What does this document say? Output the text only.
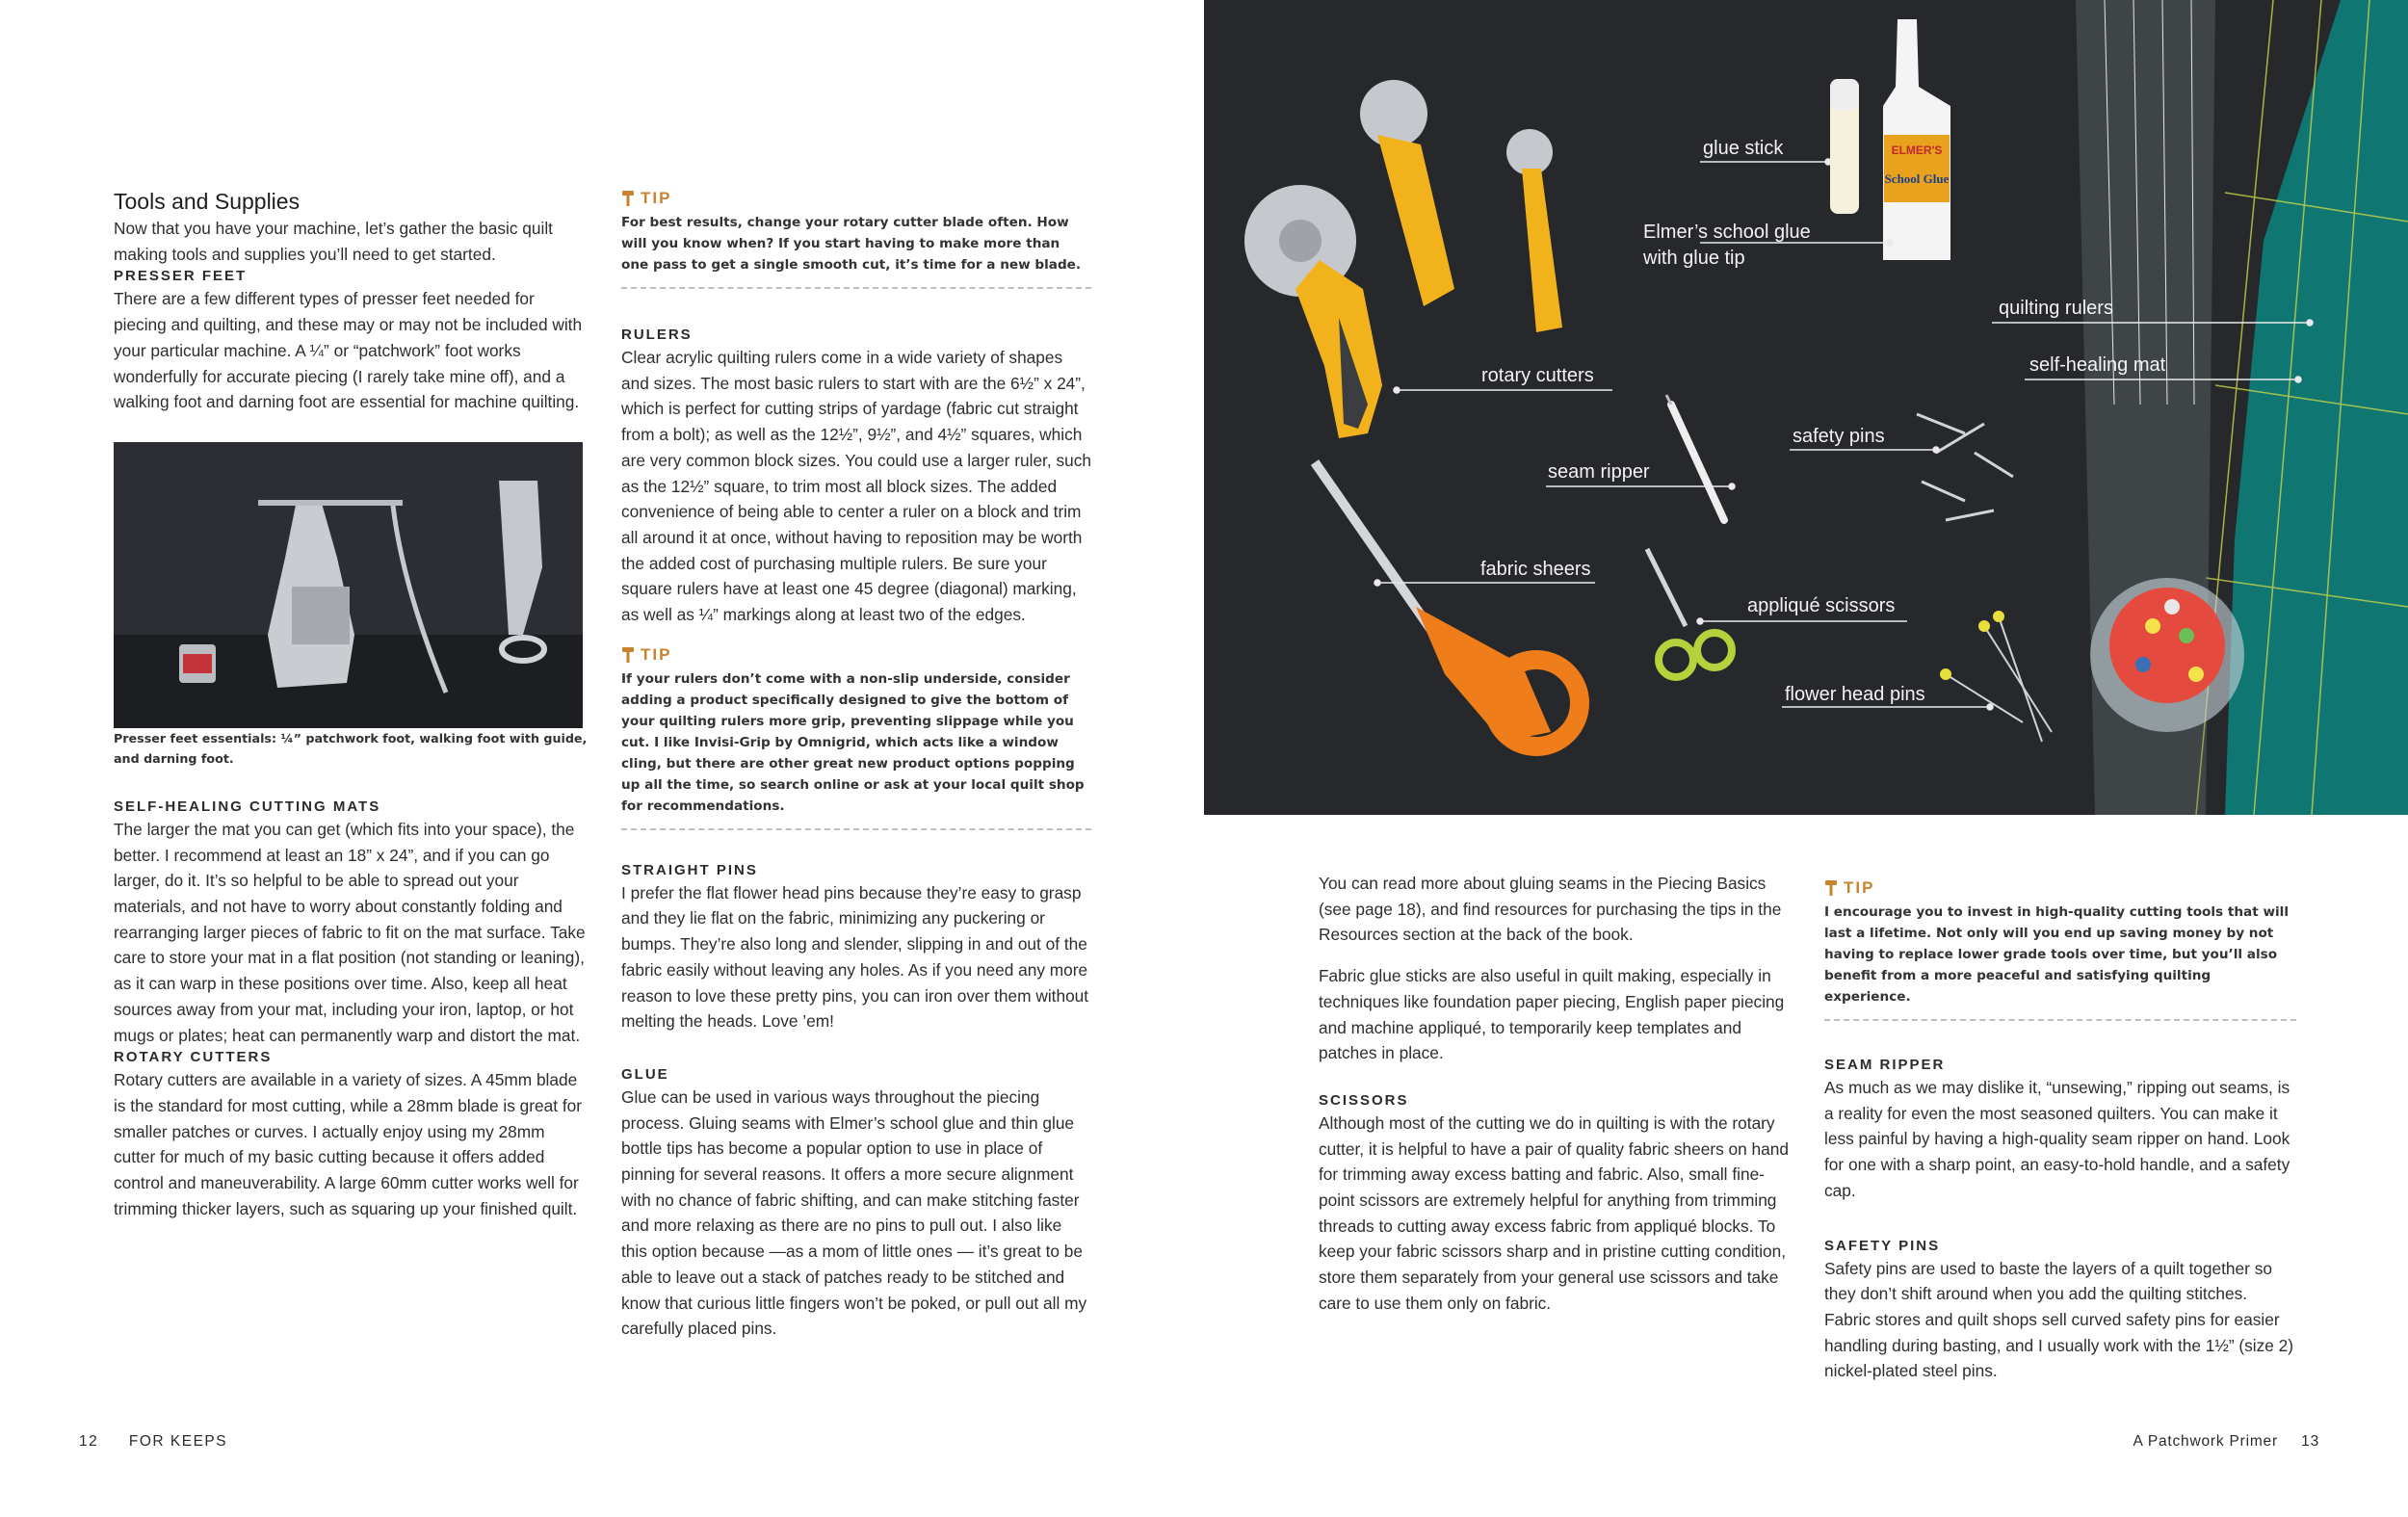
Tools and Supplies

Now that you have your machine, let’s gather the basic quilt making tools and supplies you’ll need to get started.

PRESSER FEET

There are a few different types of presser feet needed for piecing and quilting, and these may or may not be included with your particular machine. A ¼” or “patchwork” foot works wonderfully for accurate piecing (I rarely take mine off), and a walking foot and darning foot are essential for machine quilting.

Presser feet essentials: ¼” patchwork foot, walking foot with guide, and darning foot.

SELF-HEALING CUTTING MATS

The larger the mat you can get (which fits into your space), the better. I recommend at least an 18” x 24”, and if you can go larger, do it. It’s so helpful to be able to spread out your materials, and not have to worry about constantly folding and rearranging larger pieces of fabric to fit on the mat surface. Take care to store your mat in a flat position (not standing or leaning), as it can warp in these positions over time. Also, keep all heat sources away from your mat, including your iron, laptop, or hot mugs or plates; heat can permanently warp and distort the mat.

ROTARY CUTTERS

Rotary cutters are available in a variety of sizes. A 45mm blade is the standard for most cutting, while a 28mm blade is great for smaller patches or curves. I actually enjoy using my 28mm cutter for much of my basic cutting because it offers added control and maneuverability. A large 60mm cutter works well for trimming thicker layers, such as squaring up your finished quilt.

TIP

For best results, change your rotary cutter blade often. How will you know when? If you start having to make more than one pass to get a single smooth cut, it’s time for a new blade.

RULERS

Clear acrylic quilting rulers come in a wide variety of shapes and sizes. The most basic rulers to start with are the 6½” x 24”, which is perfect for cutting strips of yardage (fabric cut straight from a bolt); as well as the 12½”, 9½”, and 4½” squares, which are very common block sizes. You could use a larger ruler, such as the 12½” square, to trim most all block sizes. The added convenience of being able to center a ruler on a block and trim all around it at once, without having to reposition may be worth the added cost of purchasing multiple rulers. Be sure your square rulers have at least one 45 degree (diagonal) marking, as well as ¼” markings along at least two of the edges.

TIP

If your rulers don’t come with a non-slip underside, consider adding a product specifically designed to give the bottom of your quilting rulers more grip, preventing slippage while you cut. I like Invisi-Grip by Omnigrid, which acts like a window cling, but there are other great new product options popping up all the time, so search online or ask at your local quilt shop for recommendations.

STRAIGHT PINS

I prefer the flat flower head pins because they’re easy to grasp and they lie flat on the fabric, minimizing any puckering or bumps. They’re also long and slender, slipping in and out of the fabric easily without leaving any holes. As if you need any more reason to love these pretty pins, you can iron over them without melting the heads. Love ’em!

GLUE

Glue can be used in various ways throughout the piecing process. Gluing seams with Elmer’s school glue and thin glue bottle tips has become a popular option to use in place of pinning for several reasons. It offers a more secure alignment with no chance of fabric shifting, and can make stitching faster and more relaxing as there are no pins to pull out. I also like this option because —as a mom of little ones — it’s great to be able to leave out a stack of patches ready to be stitched and know that curious little fingers won’t be poked, or pull out all my carefully placed pins.

ELMER'S
School Glue
glue stick
Elmer’s school glue
with glue tip
quilting rulers
self-healing mat
rotary cutters
safety pins
seam ripper
fabric sheers
appliqué scissors
flower head pins

You can read more about gluing seams in the Piecing Basics (see page 18), and find resources for purchasing the tips in the Resources section at the back of the book.

Fabric glue sticks are also useful in quilt making, especially in techniques like foundation paper piecing, English paper piecing and machine appliqué, to temporarily keep templates and patches in place.

SCISSORS

Although most of the cutting we do in quilting is with the rotary cutter, it is helpful to have a pair of quality fabric sheers on hand for trimming away excess batting and fabric. Also, small fine-point scissors are extremely helpful for anything from trimming threads to cutting away excess fabric from appliqué blocks. To keep your fabric scissors sharp and in pristine cutting condition, store them separately from your general use scissors and take care to use them only on fabric.

TIP

I encourage you to invest in high-quality cutting tools that will last a lifetime. Not only will you end up saving money by not having to replace lower grade tools over time, but you’ll also benefit from a more peaceful and satisfying quilting experience.

SEAM RIPPER

As much as we may dislike it, “unsewing,” ripping out seams, is a reality for even the most seasoned quilters. You can make it less painful by having a high-quality seam ripper on hand. Look for one with a sharp point, an easy-to-hold handle, and a safety cap.

SAFETY PINS

Safety pins are used to baste the layers of a quilt together so they don’t shift around when you add the quilting stitches. Fabric stores and quilt shops sell curved safety pins for easier handling during basting, and I usually work with the 1½” (size 2) nickel-plated steel pins.

12 FOR KEEPS	A Patchwork Primer 13
